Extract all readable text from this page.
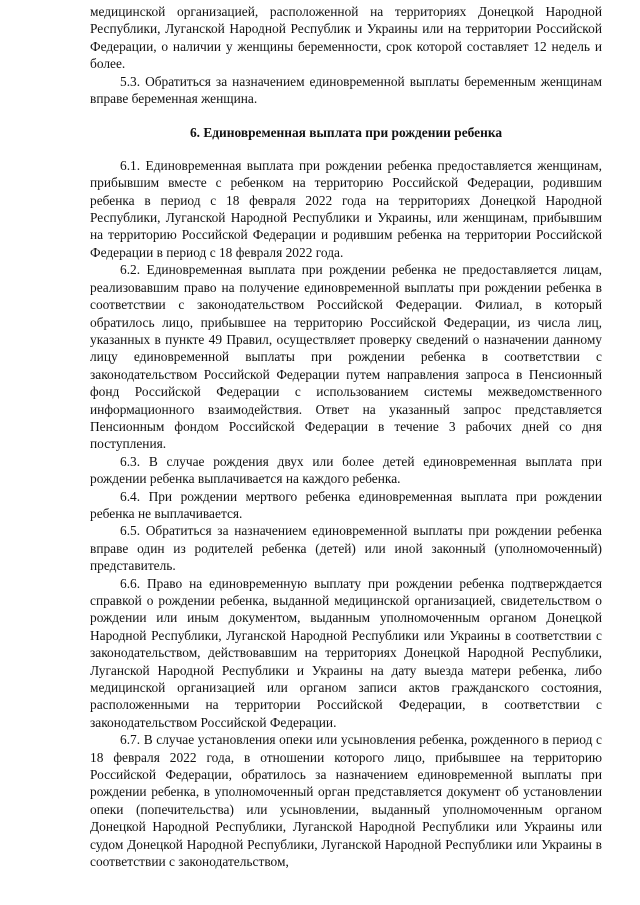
медицинской организацией, расположенной на территориях Донецкой Народной Республики, Луганской Народной Республик и Украины или на территории Российской Федерации, о наличии у женщины беременности, срок которой составляет 12 недель и более.

5.3. Обратиться за назначением единовременной выплаты беременным женщинам вправе беременная женщина.

6. Единовременная выплата при рождении ребенка

6.1. Единовременная выплата при рождении ребенка предоставляется женщинам, прибывшим вместе с ребенком на территорию Российской Федерации, родившим ребенка в период с 18 февраля 2022 года на территориях Донецкой Народной Республики, Луганской Народной Республики и Украины, или женщинам, прибывшим на территорию Российской Федерации и родившим ребенка на территории Российской Федерации в период с 18 февраля 2022 года.

6.2. Единовременная выплата при рождении ребенка не предоставляется лицам, реализовавшим право на получение единовременной выплаты при рождении ребенка в соответствии с законодательством Российской Федерации. Филиал, в который обратилось лицо, прибывшее на территорию Российской Федерации, из числа лиц, указанных в пункте 49 Правил, осуществляет проверку сведений о назначении данному лицу единовременной выплаты при рождении ребенка в соответствии с законодательством Российской Федерации путем направления запроса в Пенсионный фонд Российской Федерации с использованием системы межведомственного информационного взаимодействия. Ответ на указанный запрос представляется Пенсионным фондом Российской Федерации в течение 3 рабочих дней со дня поступления.

6.3. В случае рождения двух или более детей единовременная выплата при рождении ребенка выплачивается на каждого ребенка.

6.4. При рождении мертвого ребенка единовременная выплата при рождении ребенка не выплачивается.

6.5. Обратиться за назначением единовременной выплаты при рождении ребенка вправе один из родителей ребенка (детей) или иной законный (уполномоченный) представитель.

6.6. Право на единовременную выплату при рождении ребенка подтверждается справкой о рождении ребенка, выданной медицинской организацией, свидетельством о рождении или иным документом, выданным уполномоченным органом Донецкой Народной Республики, Луганской Народной Республики или Украины в соответствии с законодательством, действовавшим на территориях Донецкой Народной Республики, Луганской Народной Республики и Украины на дату выезда матери ребенка, либо медицинской организацией или органом записи актов гражданского состояния, расположенными на территории Российской Федерации, в соответствии с законодательством Российской Федерации.

6.7. В случае установления опеки или усыновления ребенка, рожденного в период с 18 февраля 2022 года, в отношении которого лицо, прибывшее на территорию Российской Федерации, обратилось за назначением единовременной выплаты при рождении ребенка, в уполномоченный орган представляется документ об установлении опеки (попечительства) или усыновлении, выданный уполномоченным органом Донецкой Народной Республики, Луганской Народной Республики или Украины или судом Донецкой Народной Республики, Луганской Народной Республики или Украины в соответствии с законодательством,
